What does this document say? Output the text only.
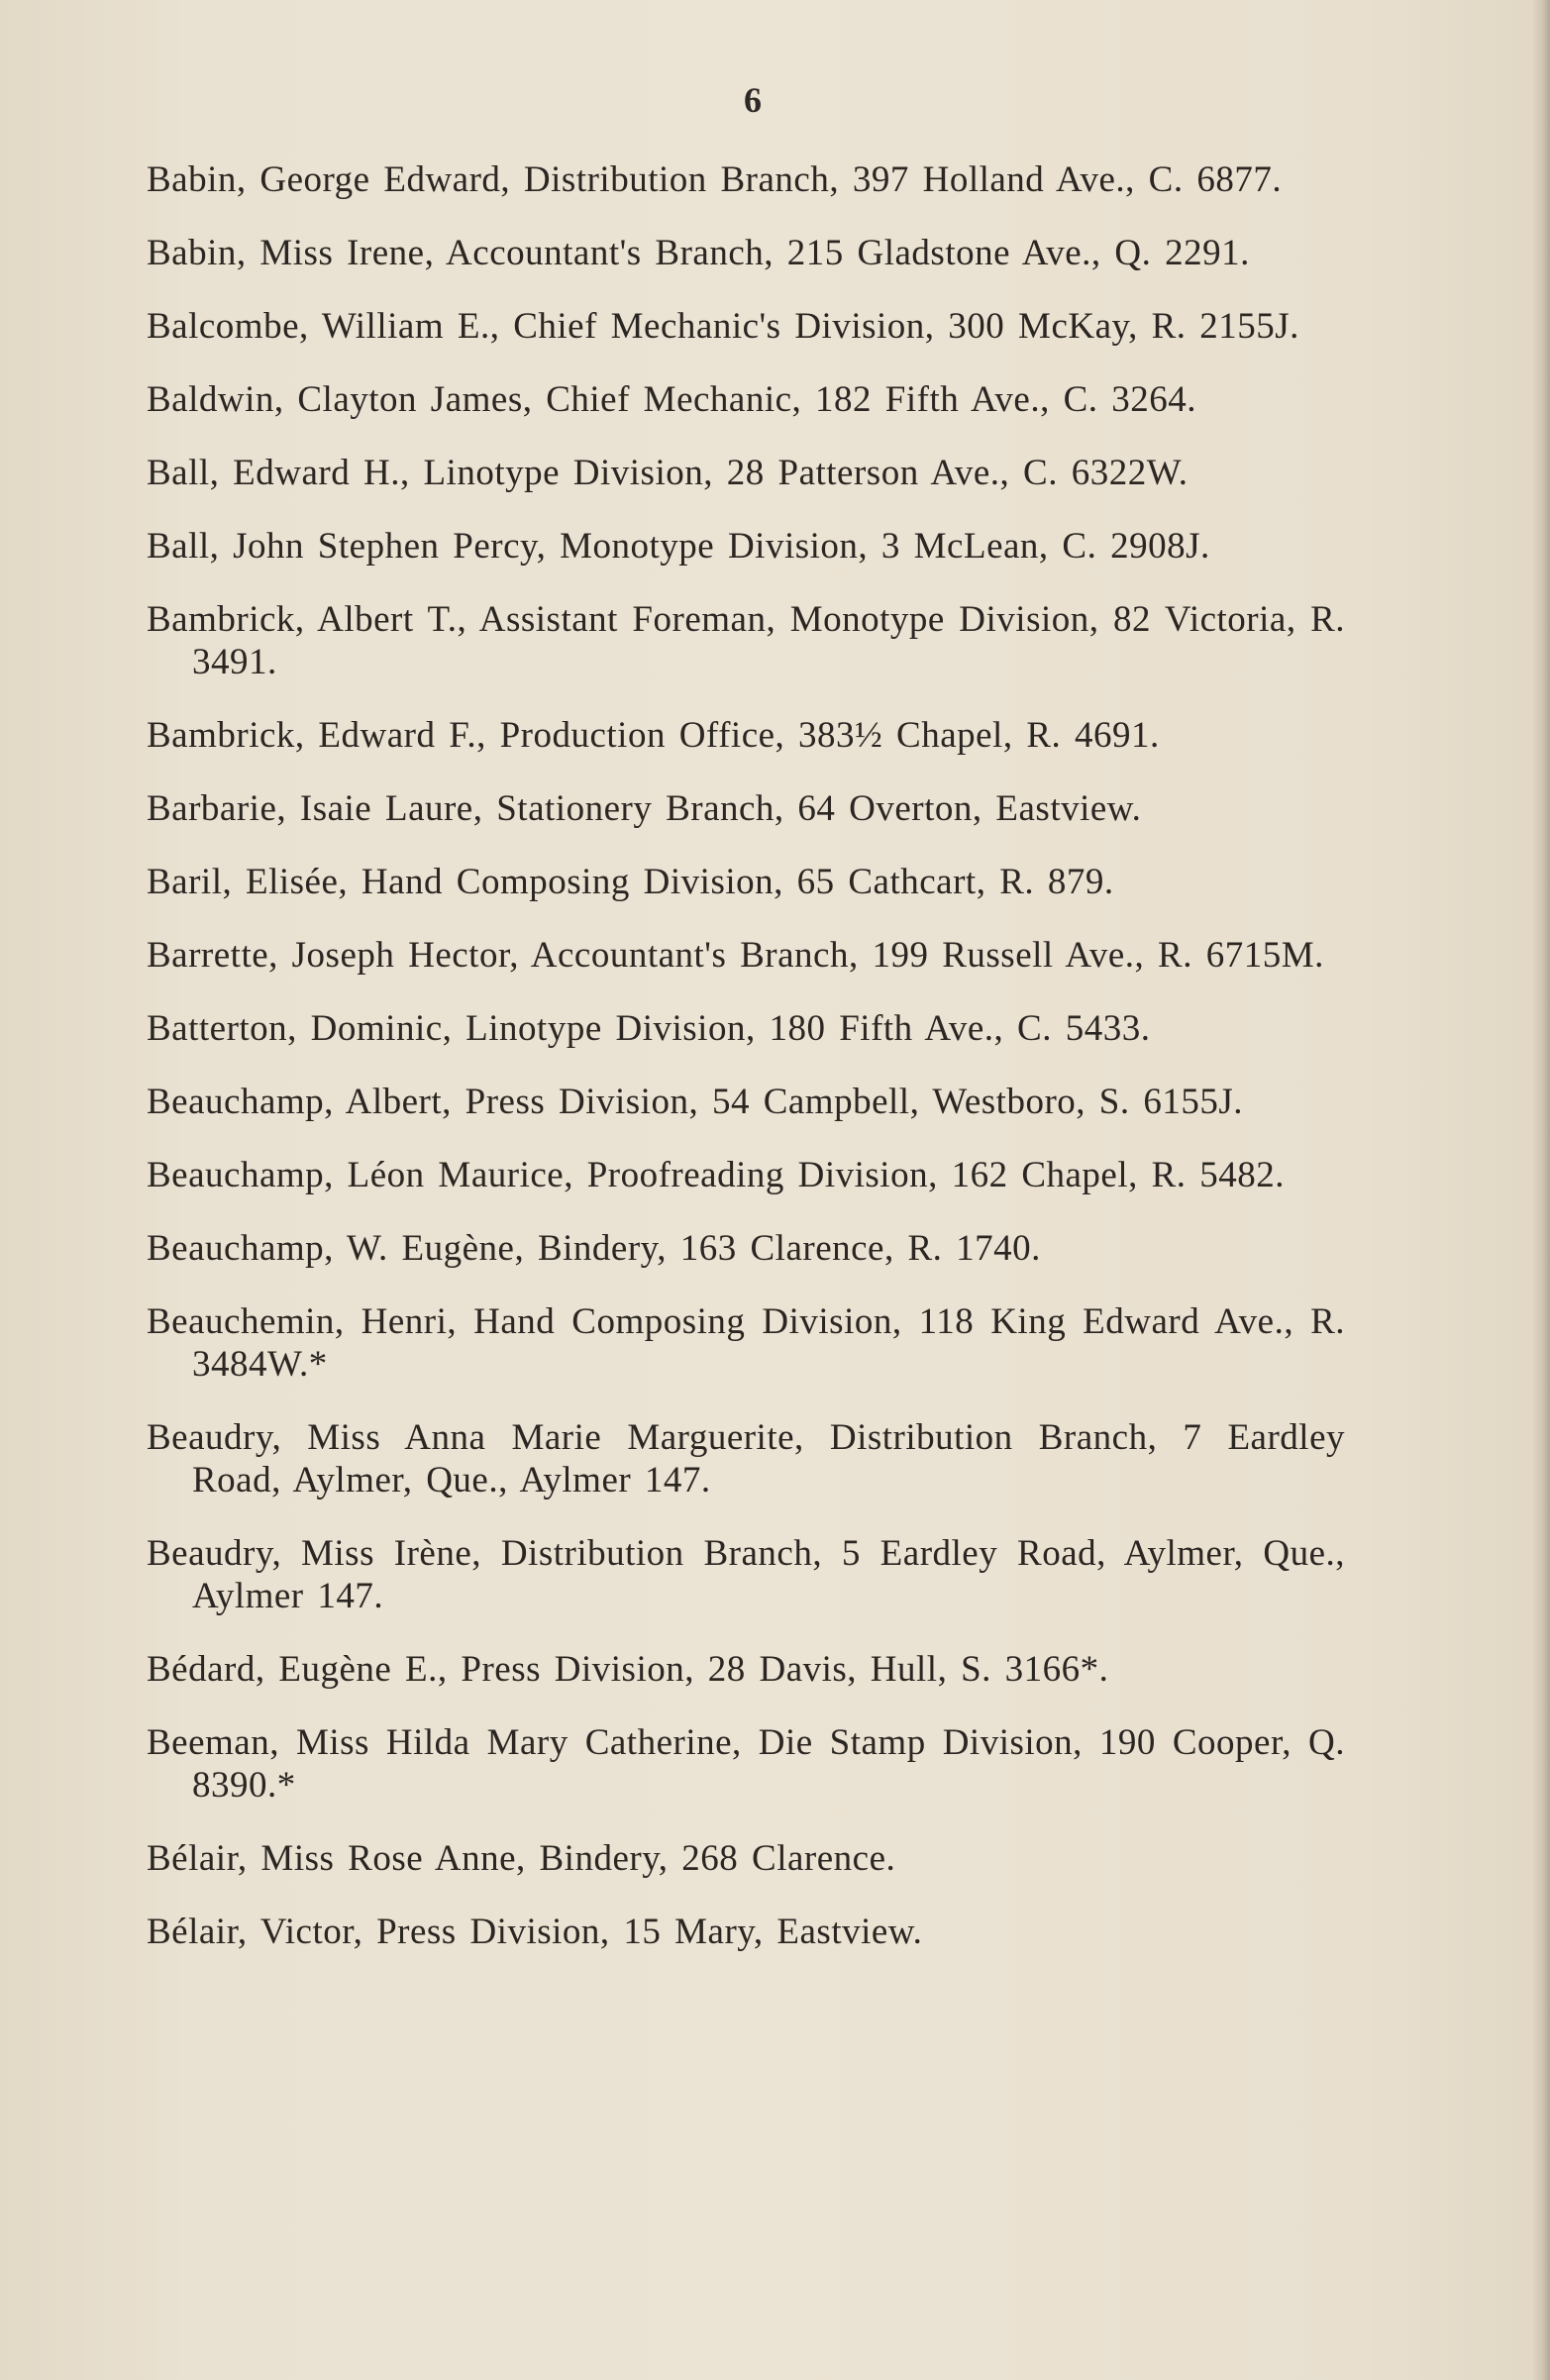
6

Babin, George Edward, Distribution Branch, 397 Holland Ave., C. 6877.

Babin, Miss Irene, Accountant's Branch, 215 Gladstone Ave., Q. 2291.

Balcombe, William E., Chief Mechanic's Division, 300 McKay, R. 2155J.

Baldwin, Clayton James, Chief Mechanic, 182 Fifth Ave., C. 3264.

Ball, Edward H., Linotype Division, 28 Patterson Ave., C. 6322W.

Ball, John Stephen Percy, Monotype Division, 3 McLean, C. 2908J.

Bambrick, Albert T., Assistant Foreman, Monotype Division, 82 Victoria, R. 3491.

Bambrick, Edward F., Production Office, 383½ Chapel, R. 4691.

Barbarie, Isaie Laure, Stationery Branch, 64 Overton, Eastview.

Baril, Elisée, Hand Composing Division, 65 Cathcart, R. 879.

Barrette, Joseph Hector, Accountant's Branch, 199 Russell Ave., R. 6715M.

Batterton, Dominic, Linotype Division, 180 Fifth Ave., C. 5433.

Beauchamp, Albert, Press Division, 54 Campbell, Westboro, S. 6155J.

Beauchamp, Léon Maurice, Proofreading Division, 162 Chapel, R. 5482.

Beauchamp, W. Eugène, Bindery, 163 Clarence, R. 1740.

Beauchemin, Henri, Hand Composing Division, 118 King Edward Ave., R. 3484W.*

Beaudry, Miss Anna Marie Marguerite, Distribution Branch, 7 Eardley Road, Aylmer, Que., Aylmer 147.

Beaudry, Miss Irène, Distribution Branch, 5 Eardley Road, Aylmer, Que., Aylmer 147.

Bédard, Eugène E., Press Division, 28 Davis, Hull, S. 3166*.

Beeman, Miss Hilda Mary Catherine, Die Stamp Division, 190 Cooper, Q. 8390.*

Bélair, Miss Rose Anne, Bindery, 268 Clarence.

Bélair, Victor, Press Division, 15 Mary, Eastview.
